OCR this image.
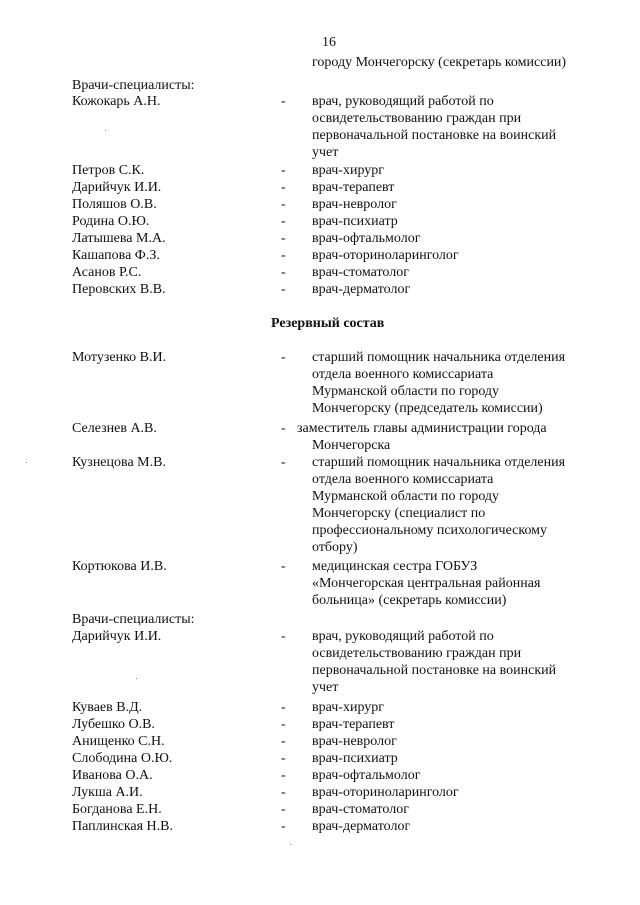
16
городу Мончегорску (секретарь комиссии)
Врачи-специалисты:
Кожокарь А.Н.	- врач, руководящий работой по
освидетельствованию граждан при
первоначальной постановке на воинский
учет
Петров С.К.	- врач-хирург
Дарийчук И.И.	- врач-терапевт
Поляшов О.В.	- врач-невролог
Родина О.Ю.	- врач-психиатр
Латышева М.А.	- врач-офтальмолог
Кашапова Ф.З.	- врач-оториноларинголог
Асанов Р.С.	- врач-стоматолог
Перовских В.В.	- врач-дерматолог
Резервный состав
Мотузенко В.И.	- старший помощник начальника отделения
отдела военного комиссариата
Мурманской области по городу
Мончегорску (председатель комиссии)
Селезнев А.В.	- заместитель главы администрации города
Мончегорска
Кузнецова М.В.	- старший помощник начальника отделения
отдела военного комиссариата
Мурманской области по городу
Мончегорску (специалист по
профессиональному психологическому
отбору)
Кортюкова И.В.	- медицинская сестра ГОБУЗ
«Мончегорская центральная районная
больница» (секретарь комиссии)
Врачи-специалисты:
Дарийчук И.И.	- врач, руководящий работой по
освидетельствованию граждан при
первоначальной постановке на воинский
учет
Куваев В.Д.	- врач-хирург
Лубешко О.В.	- врач-терапевт
Анищенко С.Н.	- врач-невролог
Слободина О.Ю.	- врач-психиатр
Иванова О.А.	- врач-офтальмолог
Лукша А.И.	- врач-оториноларинголог
Богданова Е.Н.	- врач-стоматолог
Паплинская Н.В.	- врач-дерматолог
